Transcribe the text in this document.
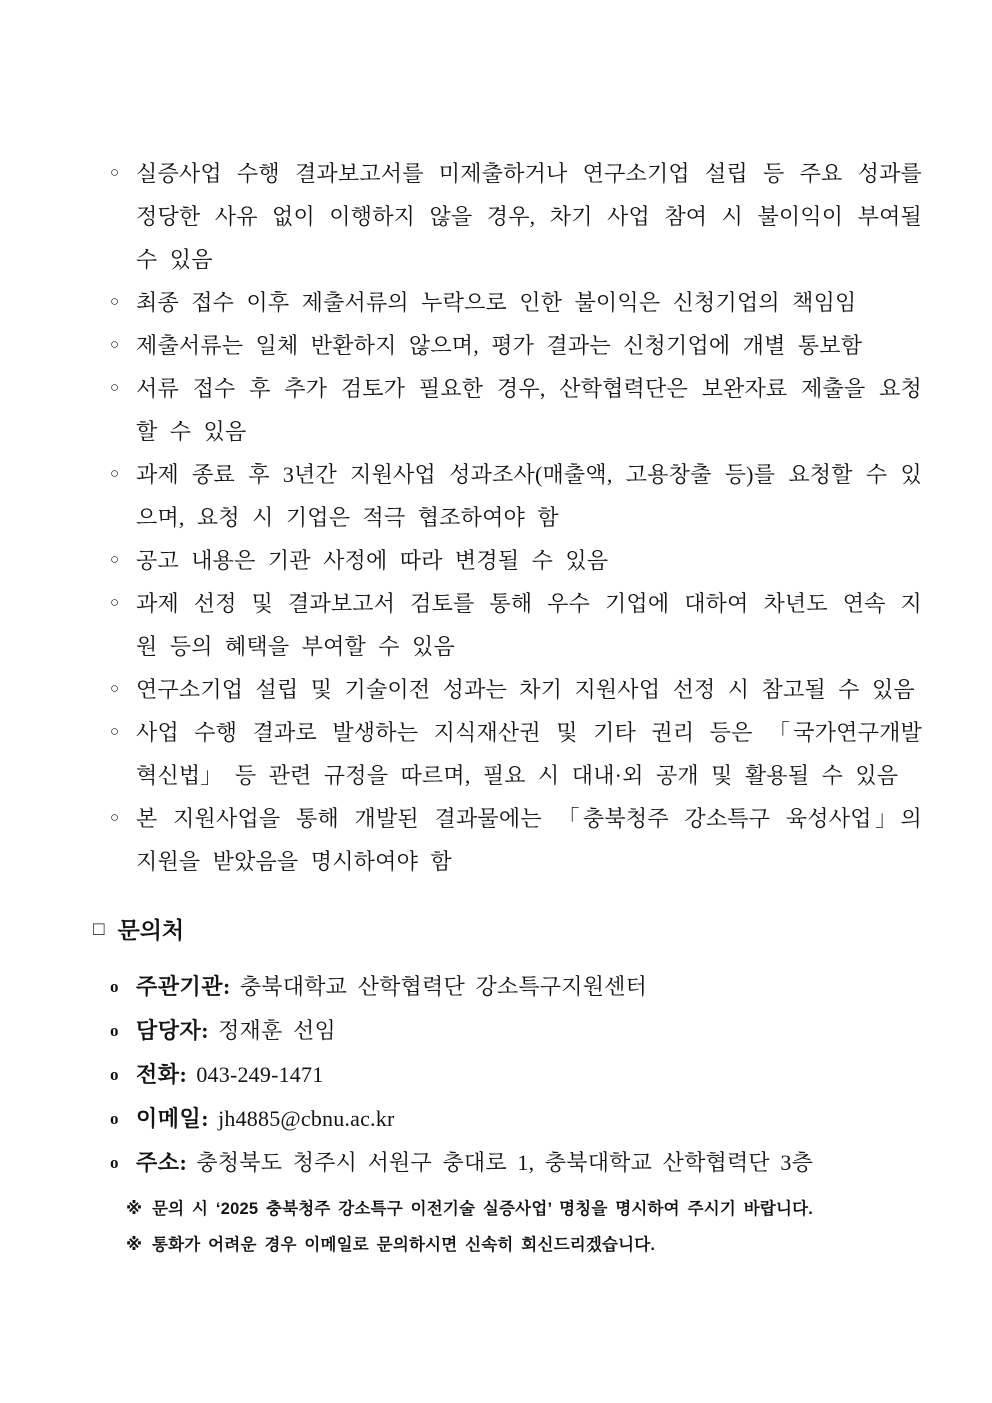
○ 실증사업 수행 결과보고서를 미제출하거나 연구소기업 설립 등 주요 성과를
정당한 사유 없이 이행하지 않을 경우, 차기 사업 참여 시 불이익이 부여될
수 있음
○ 최종 접수 이후 제출서류의 누락으로 인한 불이익은 신청기업의 책임임
○ 제출서류는 일체 반환하지 않으며, 평가 결과는 신청기업에 개별 통보함
○ 서류 접수 후 추가 검토가 필요한 경우, 산학협력단은 보완자료 제출을 요청
할 수 있음
○ 과제 종료 후 3년간 지원사업 성과조사(매출액, 고용창출 등)를 요청할 수 있
으며, 요청 시 기업은 적극 협조하여야 함
○ 공고 내용은 기관 사정에 따라 변경될 수 있음
○ 과제 선정 및 결과보고서 검토를 통해 우수 기업에 대하여 차년도 연속 지
원 등의 혜택을 부여할 수 있음
○ 연구소기업 설립 및 기술이전 성과는 차기 지원사업 선정 시 참고될 수 있음
○ 사업 수행 결과로 발생하는 지식재산권 및 기타 권리 등은 「국가연구개발
혁신법」 등 관련 규정을 따르며, 필요 시 대내·외 공개 및 활용될 수 있음
○ 본 지원사업을 통해 개발된 결과물에는 「충북청주 강소특구 육성사업」의
지원을 받았음을 명시하여야 함
□ 문의처
o 주관기관: 충북대학교 산학협력단 강소특구지원센터
o 담당자: 정재훈 선임
o 전화: 043-249-1471
o 이메일: jh4885@cbnu.ac.kr
o 주소: 충청북도 청주시 서원구 충대로 1, 충북대학교 산학협력단 3층
※ 문의 시 ‘2025 충북청주 강소특구 이전기술 실증사업’ 명칭을 명시하여 주시기 바랍니다.
※ 통화가 어려운 경우 이메일로 문의하시면 신속히 회신드리겠습니다.
